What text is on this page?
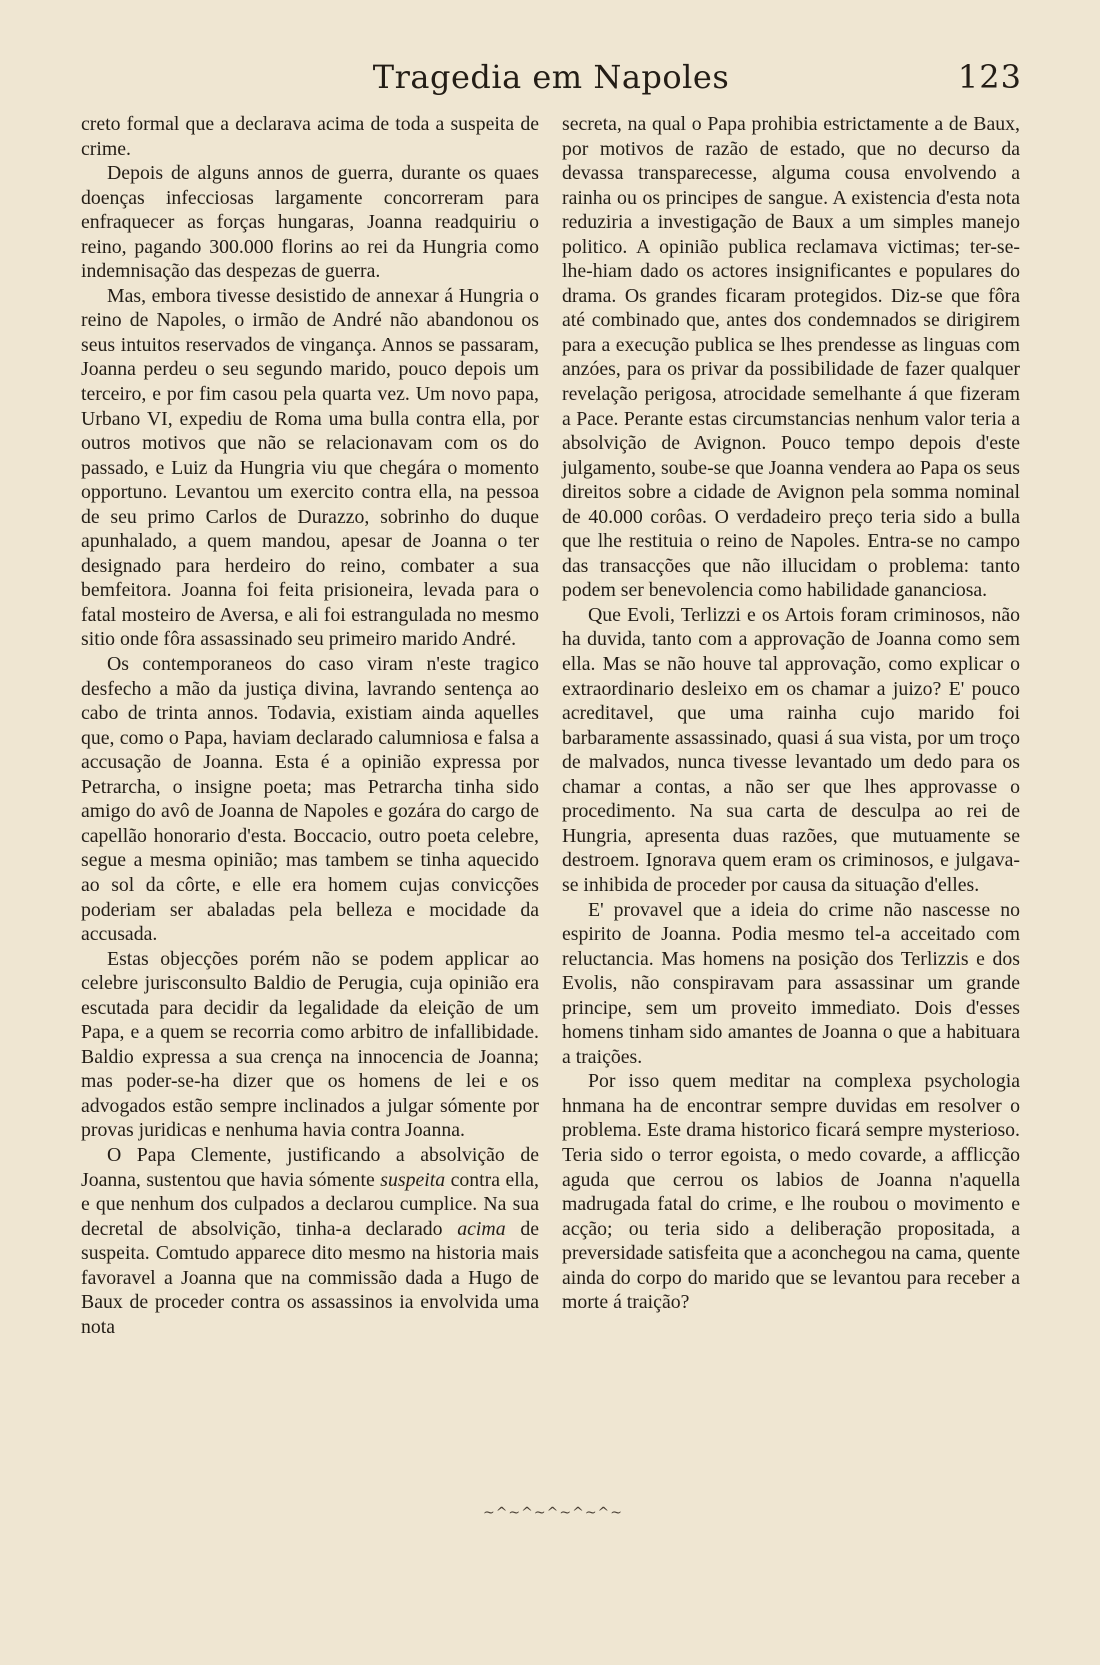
Tragedia em Napoles	123

creto formal que a declarava acima de toda a suspeita de crime.

Depois de alguns annos de guerra, durante os quaes doenças infecciosas largamente concorreram para enfraquecer as forças hungaras, Joanna readquiriu o reino, pagando 300.000 florins ao rei da Hungria como indemnisação das despezas de guerra.

Mas, embora tivesse desistido de annexar á Hungria o reino de Napoles, o irmão de André não abandonou os seus intuitos reservados de vingança. Annos se passaram, Joanna perdeu o seu segundo marido, pouco depois um terceiro, e por fim casou pela quarta vez. Um novo papa, Urbano VI, expediu de Roma uma bulla contra ella, por outros motivos que não se relacionavam com os do passado, e Luiz da Hungria viu que chegára o momento opportuno. Levantou um exercito contra ella, na pessoa de seu primo Carlos de Durazzo, sobrinho do duque apunhalado, a quem mandou, apesar de Joanna o ter designado para herdeiro do reino, combater a sua bemfeitora. Joanna foi feita prisioneira, levada para o fatal mosteiro de Aversa, e ali foi estrangulada no mesmo sitio onde fôra assassinado seu primeiro marido André.

Os contemporaneos do caso viram n'este tragico desfecho a mão da justiça divina, lavrando sentença ao cabo de trinta annos. Todavia, existiam ainda aquelles que, como o Papa, haviam declarado calumniosa e falsa a accusação de Joanna. Esta é a opinião expressa por Petrarcha, o insigne poeta; mas Petrarcha tinha sido amigo do avô de Joanna de Napoles e gozára do cargo de capellão honorario d'esta. Boccacio, outro poeta celebre, segue a mesma opinião; mas tambem se tinha aquecido ao sol da côrte, e elle era homem cujas convicções poderiam ser abaladas pela belleza e mocidade da accusada.

Estas objecções porém não se podem applicar ao celebre jurisconsulto Baldio de Perugia, cuja opinião era escutada para decidir da legalidade da eleição de um Papa, e a quem se recorria como arbitro de infallibidade. Baldio expressa a sua crença na innocencia de Joanna; mas poder-se-ha dizer que os homens de lei e os advogados estão sempre inclinados a julgar sómente por provas juridicas e nenhuma havia contra Joanna.

O Papa Clemente, justificando a absolvição de Joanna, sustentou que havia sómente suspeita contra ella, e que nenhum dos culpados a declarou cumplice. Na sua decretal de absolvição, tinha-a declarado acima de suspeita. Comtudo apparece dito mesmo na historia mais favoravel a Joanna que na commissão dada a Hugo de Baux de proceder contra os assassinos ia envolvida uma nota

secreta, na qual o Papa prohibia estrictamente a de Baux, por motivos de razão de estado, que no decurso da devassa transparecesse, alguma cousa envolvendo a rainha ou os principes de sangue. A existencia d'esta nota reduziria a investigação de Baux a um simples manejo politico. A opinião publica reclamava victimas; ter-se-lhe-hiam dado os actores insignificantes e populares do drama. Os grandes ficaram protegidos. Diz-se que fôra até combinado que, antes dos condemnados se dirigirem para a execução publica se lhes prendesse as linguas com anzóes, para os privar da possibilidade de fazer qualquer revelação perigosa, atrocidade semelhante á que fizeram a Pace. Perante estas circumstancias nenhum valor teria a absolvição de Avignon. Pouco tempo depois d'este julgamento, soube-se que Joanna vendera ao Papa os seus direitos sobre a cidade de Avignon pela somma nominal de 40.000 corôas. O verdadeiro preço teria sido a bulla que lhe restituia o reino de Napoles. Entra-se no campo das transacções que não illucidam o problema: tanto podem ser benevolencia como habilidade gananciosa.

Que Evoli, Terlizzi e os Artois foram criminosos, não ha duvida, tanto com a approvação de Joanna como sem ella. Mas se não houve tal approvação, como explicar o extraordinario desleixo em os chamar a juizo? E' pouco acreditavel, que uma rainha cujo marido foi barbaramente assassinado, quasi á sua vista, por um troço de malvados, nunca tivesse levantado um dedo para os chamar a contas, a não ser que lhes approvasse o procedimento. Na sua carta de desculpa ao rei de Hungria, apresenta duas razões, que mutuamente se destroem. Ignorava quem eram os criminosos, e julgava-se inhibida de proceder por causa da situação d'elles.

E' provavel que a ideia do crime não nascesse no espirito de Joanna. Podia mesmo tel-a acceitado com reluctancia. Mas homens na posição dos Terlizzis e dos Evolis, não conspiravam para assassinar um grande principe, sem um proveito immediato. Dois d'esses homens tinham sido amantes de Joanna o que a habituara a traições.

Por isso quem meditar na complexa psychologia hnmana ha de encontrar sempre duvidas em resolver o problema. Este drama historico ficará sempre mysterioso. Teria sido o terror egoista, o medo covarde, a afflicção aguda que cerrou os labios de Joanna n'aquella madrugada fatal do crime, e lhe roubou o movimento e acção; ou teria sido a deliberação propositada, a preversidade satisfeita que a aconchegou na cama, quente ainda do corpo do marido que se levantou para receber a morte á traição?

~^~^~^~^~^~
